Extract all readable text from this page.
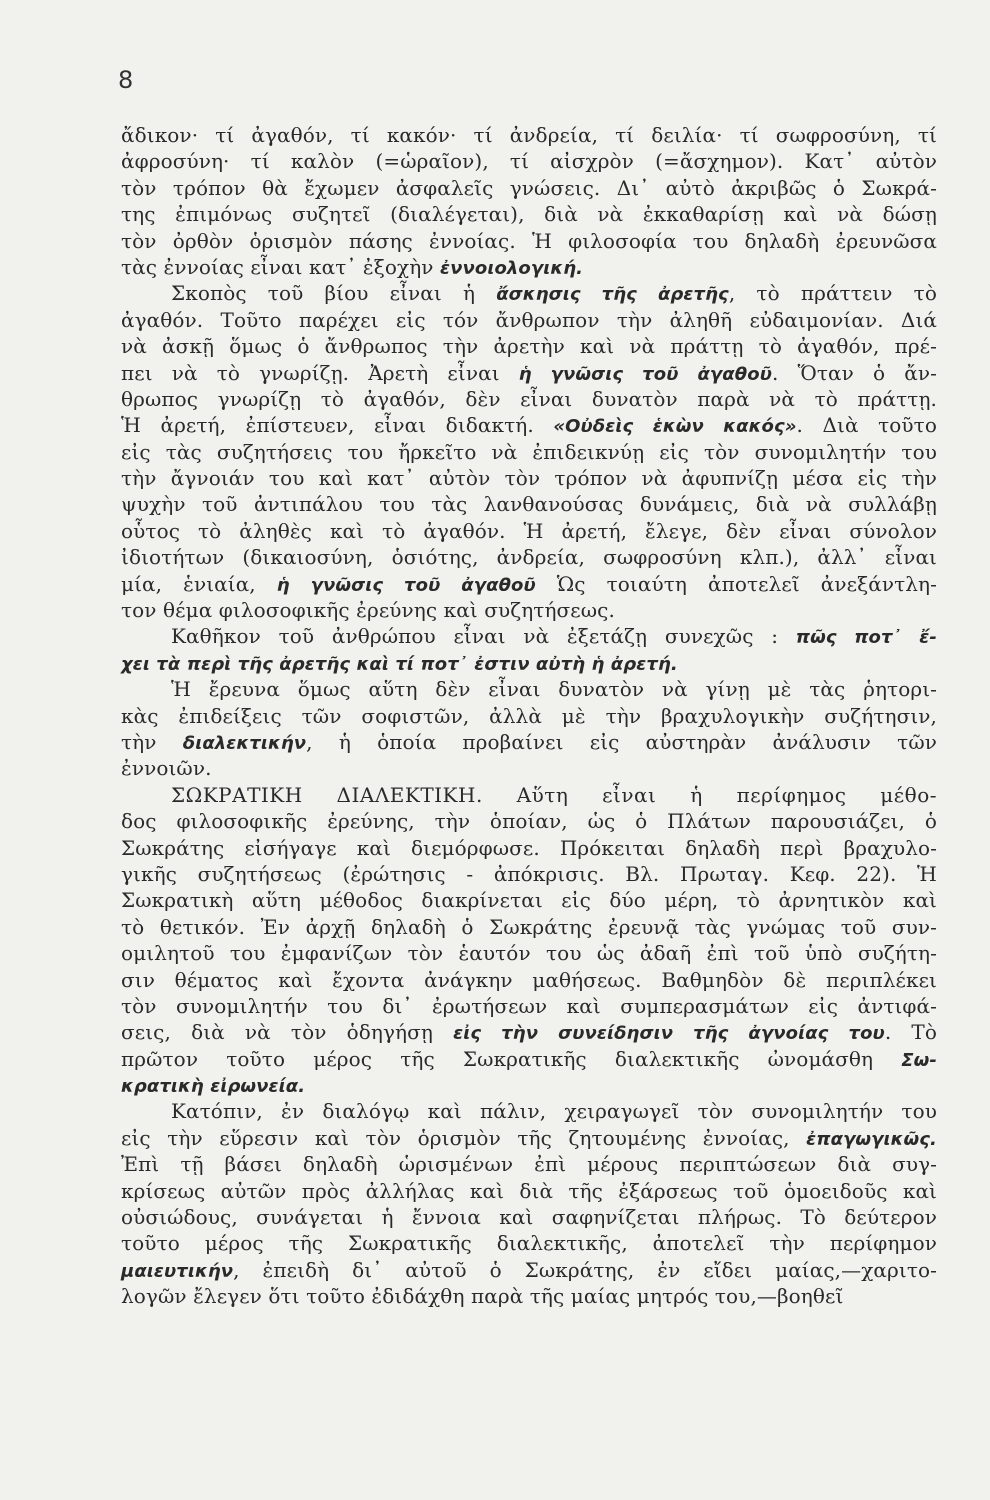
8
ἄδικον· τί ἀγαθόν, τί κακόν· τί ἀνδρεία, τί δειλία· τί σωφροσύνη, τί
ἀφροσύνη· τί καλὸν (=ὡραῖον), τί αἰσχρὸν (=ἄσχημον). Κατ᾽ αὐτὸν
τὸν τρόπον θὰ ἔχωμεν ἀσφαλεῖς γνώσεις. Δι᾽ αὐτὸ ἀκριβῶς ὁ Σωκρά-
της ἐπιμόνως συζητεῖ (διαλέγεται), διὰ νὰ ἐκκαθαρίσῃ καὶ νὰ δώσῃ
τὸν ὀρθὸν ὁρισμὸν πάσης ἐννοίας. Ἡ φιλοσοφία του δηλαδὴ ἐρευνῶσα
τὰς ἐννοίας εἶναι κατ᾽ ἐξοχὴν ἐννοιολογική.
Σκοπὸς τοῦ βίου εἶναι ἡ ἄσκησις τῆς ἀρετῆς, τὸ πράττειν τὸ
ἀγαθόν. Τοῦτο παρέχει εἰς τόν ἄνθρωπον τὴν ἀληθῆ εὐδαιμονίαν. Διά
νὰ ἀσκῇ ὅμως ὁ ἄνθρωπος τὴν ἀρετὴν καὶ νὰ πράττῃ τὸ ἀγαθόν, πρέ-
πει νὰ τὸ γνωρίζῃ. Ἀρετὴ εἶναι ἡ γνῶσις τοῦ ἀγαθοῦ. Ὅταν ὁ ἄν-
θρωπος γνωρίζῃ τὸ ἀγαθόν, δὲν εἶναι δυνατὸν παρὰ νὰ τὸ πράττῃ.
Ἡ ἀρετή, ἐπίστευεν, εἶναι διδακτή. «Οὐδεὶς ἑκὼν κακός». Διὰ τοῦτο
εἰς τὰς συζητήσεις του ἤρκεῖτο νὰ ἐπιδεικνύῃ εἰς τὸν συνομιλητήν του
τὴν ἄγνοιάν του καὶ κατ᾽ αὐτὸν τὸν τρόπον νὰ ἀφυπνίζῃ μέσα εἰς τὴν
ψυχὴν τοῦ ἀντιπάλου του τὰς λανθανούσας δυνάμεις, διὰ νὰ συλλάβῃ
οὗτος τὸ ἀληθὲς καὶ τὸ ἀγαθόν. Ἡ ἀρετή, ἔλεγε, δὲν εἶναι σύνολον
ἰδιοτήτων (δικαιοσύνη, ὁσιότης, ἀνδρεία, σωφροσύνη κλπ.), ἀλλ᾽ εἶναι
μία, ἑνιαία, ἡ γνῶσις τοῦ ἀγαθοῦ Ὡς τοιαύτη ἀποτελεῖ ἀνεξάντλη-
τον θέμα φιλοσοφικῆς ἐρεύνης καὶ συζητήσεως.
Καθῆκον τοῦ ἀνθρώπου εἶναι νὰ ἐξετάζῃ συνεχῶς : πῶς ποτ᾽ ἔ-
χει τὰ περὶ τῆς ἀρετῆς καὶ τί ποτ᾽ ἐστιν αὐτὴ ἡ ἀρετή.
Ἡ ἔρευνα ὅμως αὕτη δὲν εἶναι δυνατὸν νὰ γίνῃ μὲ τὰς ῥητορι-
κὰς ἐπιδείξεις τῶν σοφιστῶν, ἀλλὰ μὲ τὴν βραχυλογικὴν συζήτησιν,
τὴν διαλεκτικήν, ἡ ὁποία προβαίνει εἰς αὐστηρὰν ἀνάλυσιν τῶν
ἐννοιῶν.
ΣΩΚΡΑΤΙΚΗ ΔΙΑΛΕΚΤΙΚΗ. Αὕτη εἶναι ἡ περίφημος μέθο-
δος φιλοσοφικῆς ἐρεύνης, τὴν ὁποίαν, ὡς ὁ Πλάτων παρουσιάζει, ὁ
Σωκράτης εἰσήγαγε καὶ διεμόρφωσε. Πρόκειται δηλαδὴ περὶ βραχυλο-
γικῆς συζητήσεως (ἐρώτησις - ἀπόκρισις. Βλ. Πρωταγ. Κεφ. 22). Ἡ
Σωκρατικὴ αὕτη μέθοδος διακρίνεται εἰς δύο μέρη, τὸ ἀρνητικὸν καὶ
τὸ θετικόν. Ἐν ἀρχῇ δηλαδὴ ὁ Σωκράτης ἐρευνᾷ τὰς γνώμας τοῦ συν-
ομιλητοῦ του ἐμφανίζων τὸν ἑαυτόν του ὡς ἀδαῆ ἐπὶ τοῦ ὑπὸ συζήτη-
σιν θέματος καὶ ἔχοντα ἀνάγκην μαθήσεως. Βαθμηδὸν δὲ περιπλέκει
τὸν συνομιλητήν του δι᾽ ἐρωτήσεων καὶ συμπερασμάτων εἰς ἀντιφά-
σεις, διὰ νὰ τὸν ὁδηγήσῃ εἰς τὴν συνείδησιν τῆς ἀγνοίας του. Τὸ
πρῶτον τοῦτο μέρος τῆς Σωκρατικῆς διαλεκτικῆς ὠνομάσθη Σω-
κρατικὴ εἰρωνεία.
Κατόπιν, ἐν διαλόγῳ καὶ πάλιν, χειραγωγεῖ τὸν συνομιλητήν του
εἰς τὴν εὕρεσιν καὶ τὸν ὁρισμὸν τῆς ζητουμένης ἐννοίας, ἐπαγωγικῶς.
Ἐπὶ τῇ βάσει δηλαδὴ ὡρισμένων ἐπὶ μέρους περιπτώσεων διὰ συγ-
κρίσεως αὐτῶν πρὸς ἀλλήλας καὶ διὰ τῆς ἐξάρσεως τοῦ ὁμοειδοῦς καὶ
οὐσιώδους, συνάγεται ἡ ἔννοια καὶ σαφηνίζεται πλήρως. Τὸ δεύτερον
τοῦτο μέρος τῆς Σωκρατικῆς διαλεκτικῆς, ἀποτελεῖ τὴν περίφημον
μαιευτικήν, ἐπειδὴ δι᾽ αὐτοῦ ὁ Σωκράτης, ἐν εἴδει μαίας,—χαριτο-
λογῶν ἔλεγεν ὅτι τοῦτο ἐδιδάχθη παρὰ τῆς μαίας μητρός του,—βοηθεῖ
